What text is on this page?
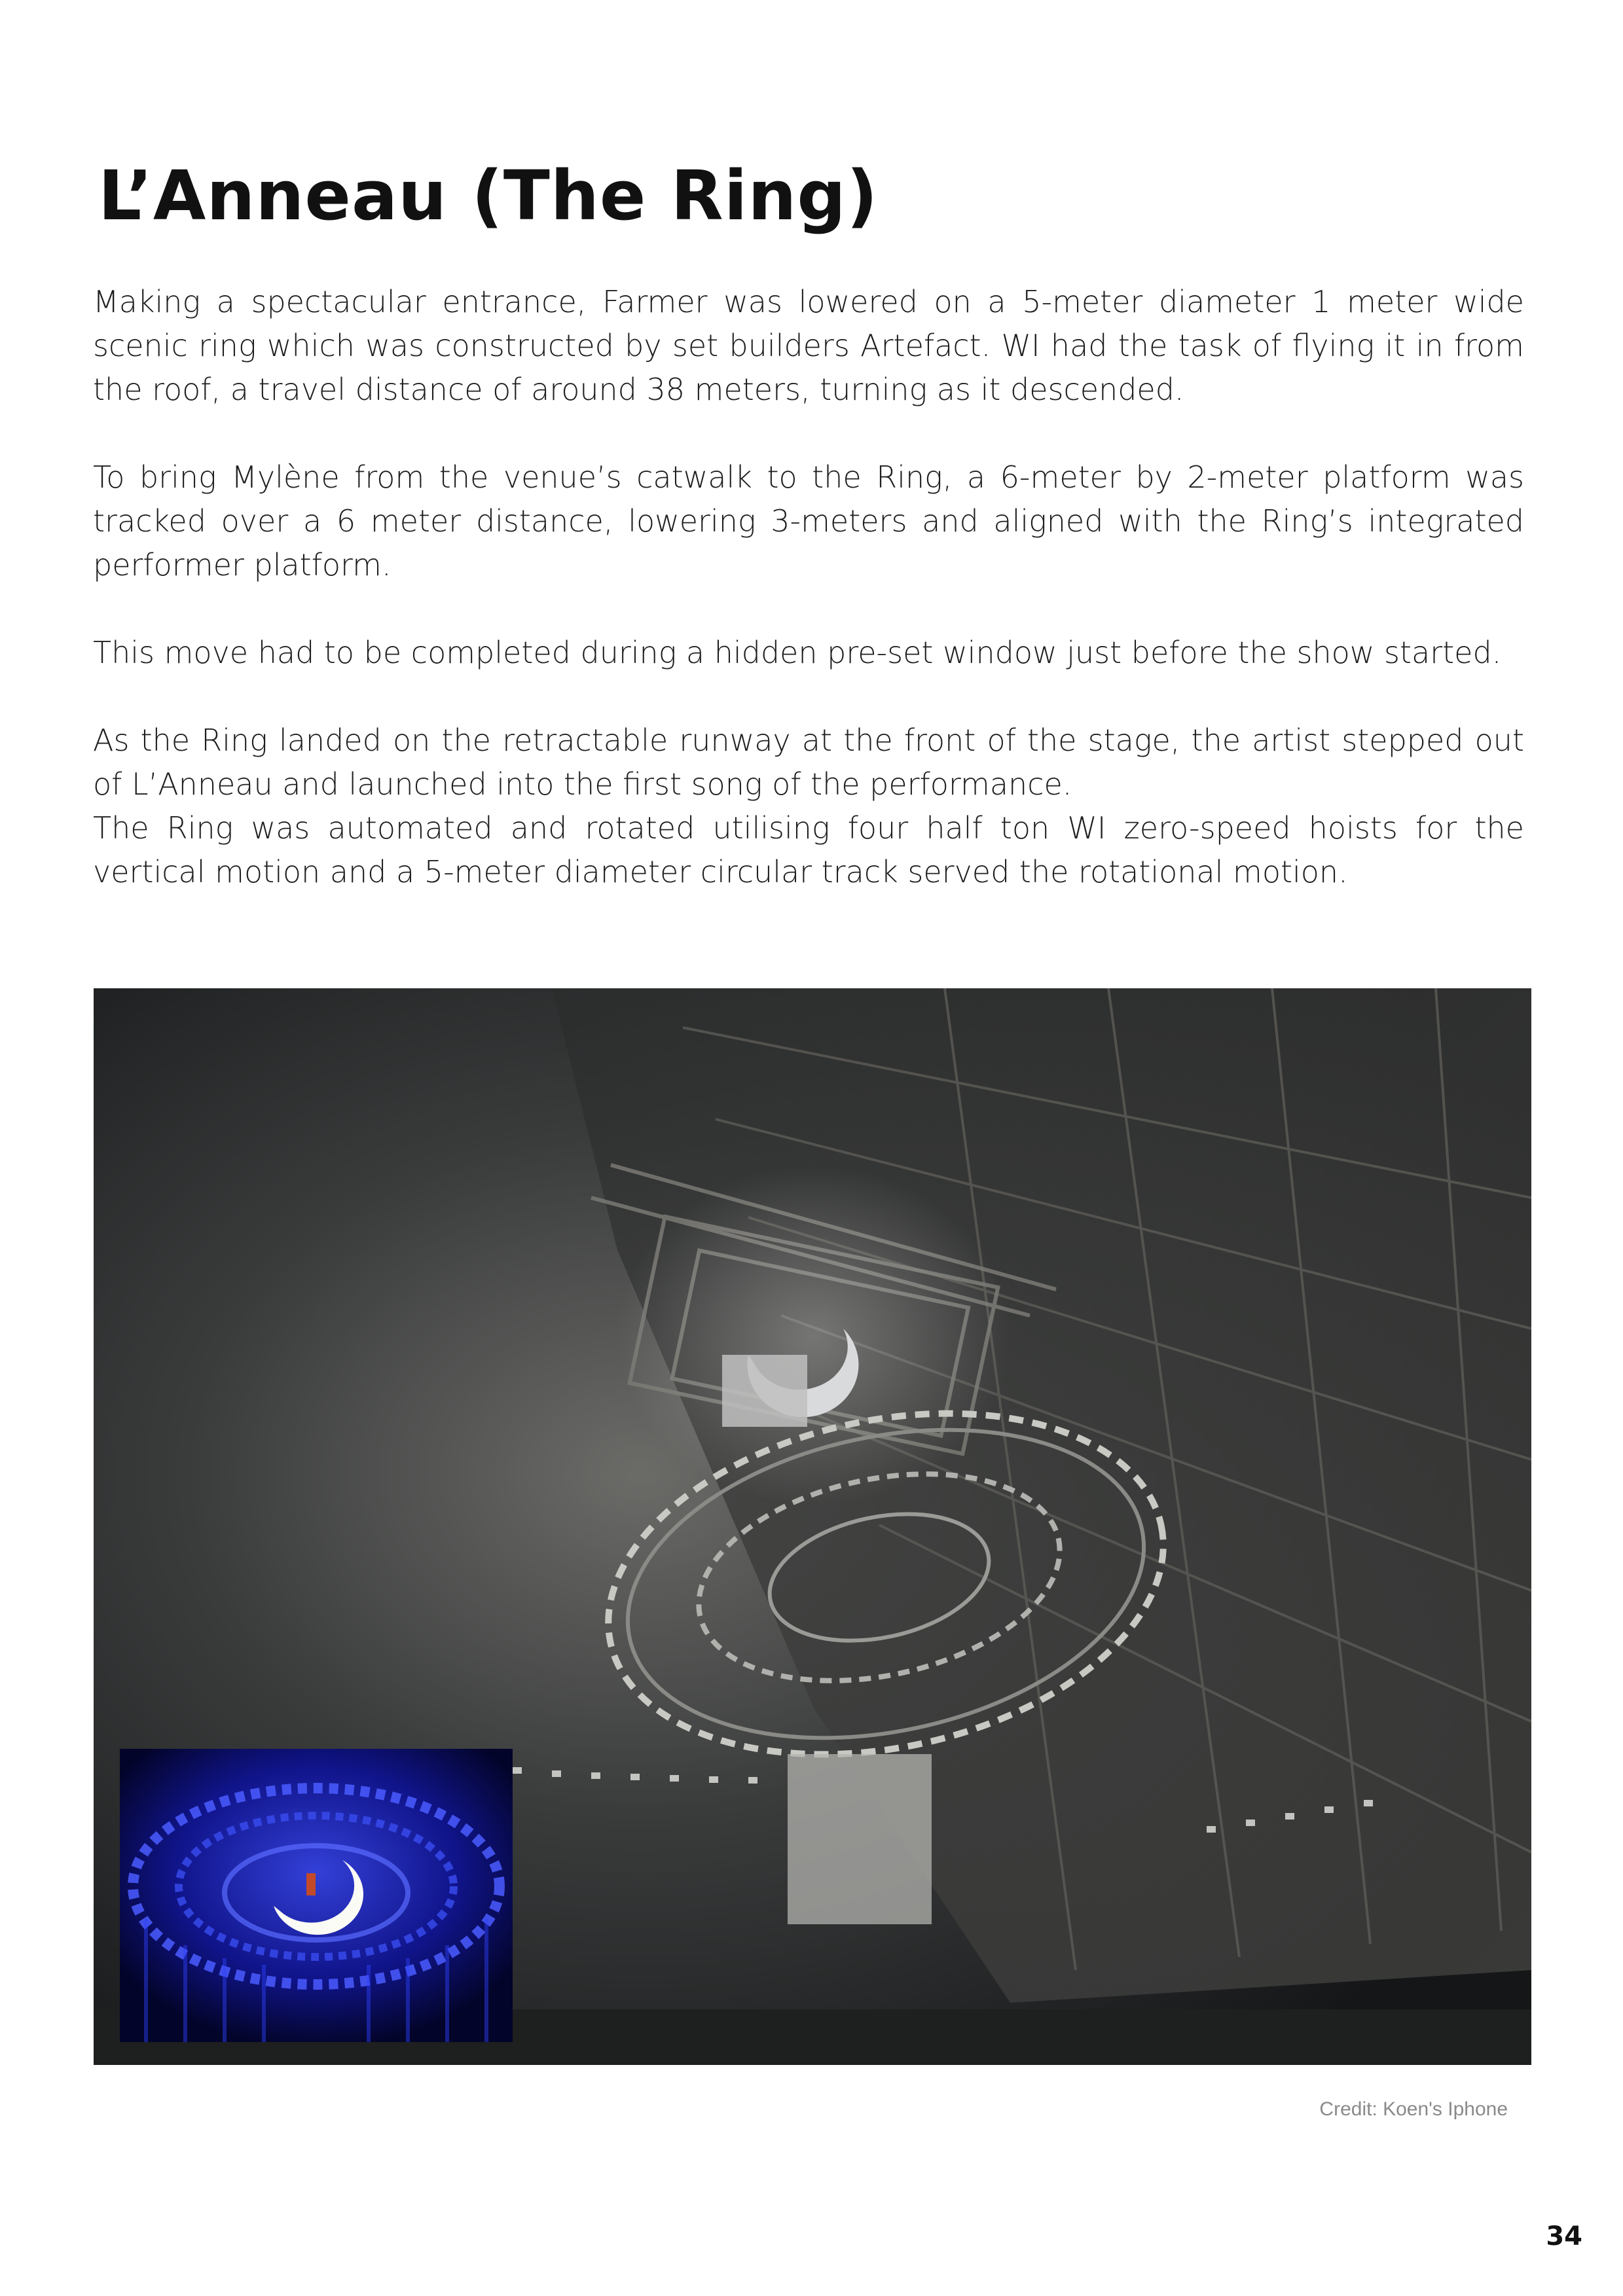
L’Anneau (The Ring)

Making a spectacular entrance, Farmer was lowered on a 5-meter diameter 1 meter wide scenic ring which was constructed by set builders Artefact. WI had the task of flying it in from the roof, a travel distance of around 38 meters, turning as it descended.

To bring Mylène from the venue’s catwalk to the Ring, a 6-meter by 2-meter platform was tracked over a 6 meter distance, lowering 3-meters and aligned with the Ring’s integrated performer platform.

This move had to be completed during a hidden pre-set window just before the show started.

As the Ring landed on the retractable runway at the front of the stage, the artist stepped out of L’Anneau and launched into the first song of the performance.

The Ring was automated and rotated utilising four half ton WI zero-speed hoists for the vertical motion and a 5-meter diameter circular track served the rotational motion.

Credit: Koen's Iphone
34
